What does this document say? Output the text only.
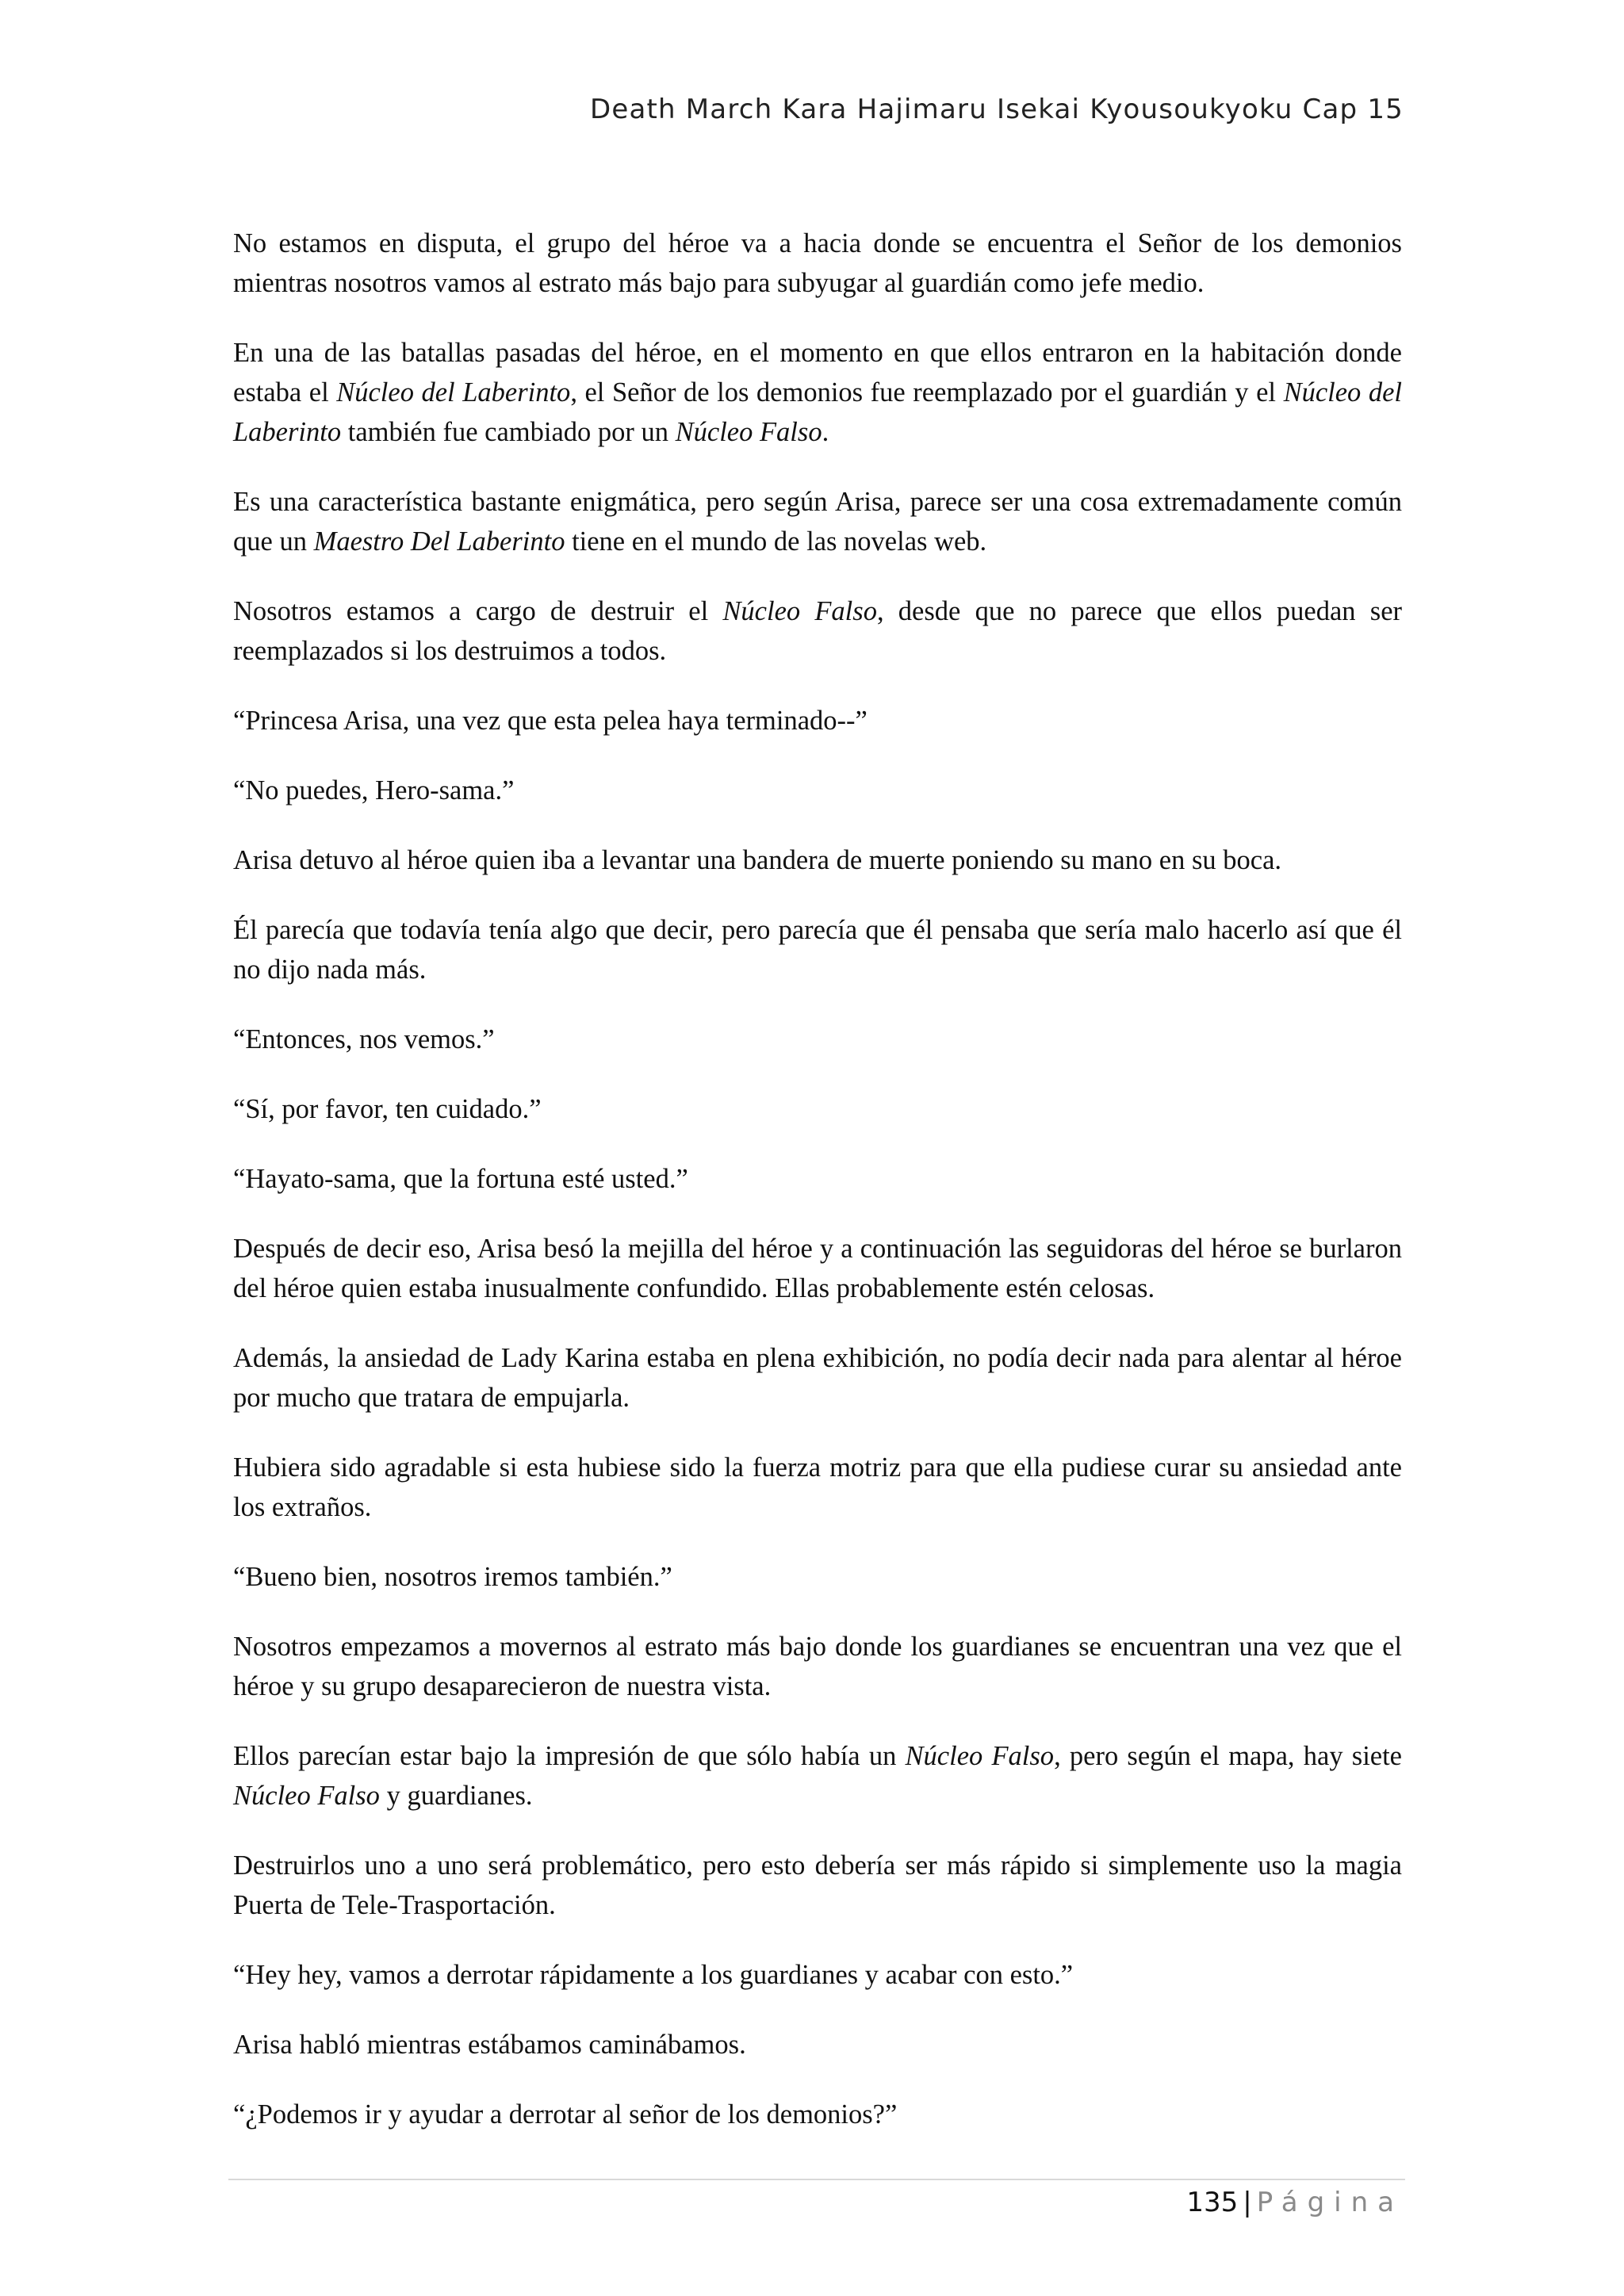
Death March Kara Hajimaru Isekai Kyousoukyoku Cap 15

No estamos en disputa, el grupo del héroe va a hacia donde se encuentra el Señor de los demonios mientras nosotros vamos al estrato más bajo para subyugar al guardián como jefe medio.

En una de las batallas pasadas del héroe, en el momento en que ellos entraron en la habitación donde estaba el Núcleo del Laberinto, el Señor de los demonios fue reemplazado por el guardián y el Núcleo del Laberinto también fue cambiado por un Núcleo Falso.

Es una característica bastante enigmática, pero según Arisa, parece ser una cosa extremadamente común que un Maestro Del Laberinto tiene en el mundo de las novelas web.

Nosotros estamos a cargo de destruir el Núcleo Falso, desde que no parece que ellos puedan ser reemplazados si los destruimos a todos.

“Princesa Arisa, una vez que esta pelea haya terminado--”

“No puedes, Hero-sama.”

Arisa detuvo al héroe quien iba a levantar una bandera de muerte poniendo su mano en su boca.

Él parecía que todavía tenía algo que decir, pero parecía que él pensaba que sería malo hacerlo así que él no dijo nada más.

“Entonces, nos vemos.”

“Sí, por favor, ten cuidado.”

“Hayato-sama, que la fortuna esté usted.”

Después de decir eso, Arisa besó la mejilla del héroe y a continuación las seguidoras del héroe se burlaron del héroe quien estaba inusualmente confundido. Ellas probablemente estén celosas.

Además, la ansiedad de Lady Karina estaba en plena exhibición, no podía decir nada para alentar al héroe por mucho que tratara de empujarla.

Hubiera sido agradable si esta hubiese sido la fuerza motriz para que ella pudiese curar su ansiedad ante los extraños.

“Bueno bien, nosotros iremos también.”

Nosotros empezamos a movernos al estrato más bajo donde los guardianes se encuentran una vez que el héroe y su grupo desaparecieron de nuestra vista.

Ellos parecían estar bajo la impresión de que sólo había un Núcleo Falso, pero según el mapa, hay siete Núcleo Falso y guardianes.

Destruirlos uno a uno será problemático, pero esto debería ser más rápido si simplemente uso la magia Puerta de Tele-Trasportación.

“Hey hey, vamos a derrotar rápidamente a los guardianes y acabar con esto.”

Arisa habló mientras estábamos caminábamos.

“¿Podemos ir y ayudar a derrotar al señor de los demonios?”

135 | Página
